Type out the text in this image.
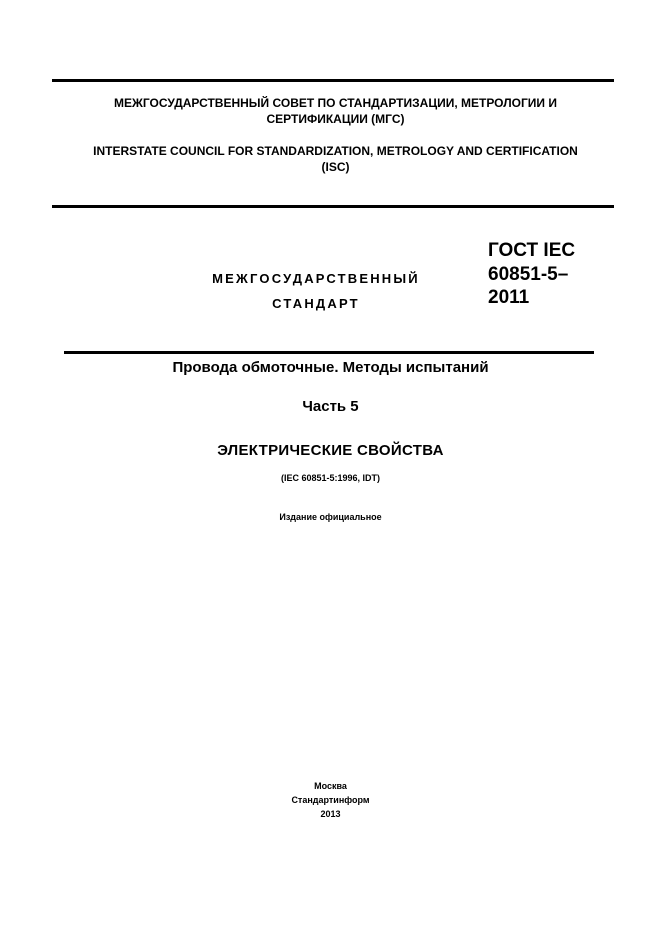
МЕЖГОСУДАРСТВЕННЫЙ СОВЕТ ПО СТАНДАРТИЗАЦИИ, МЕТРОЛОГИИ И
СЕРТИФИКАЦИИ (МГС)
INTERSTATE COUNCIL FOR STANDARDIZATION, METROLOGY AND CERTIFICATION
(ISC)
МЕЖГОСУДАРСТВЕННЫЙ
СТАНДАРТ
ГОСТ IEC
60851-5–
2011
Провода обмоточные. Методы испытаний
Часть 5
ЭЛЕКТРИЧЕСКИЕ СВОЙСТВА
(IEC 60851-5:1996, IDT)
Издание официальное
Москва
Стандартинформ
2013
